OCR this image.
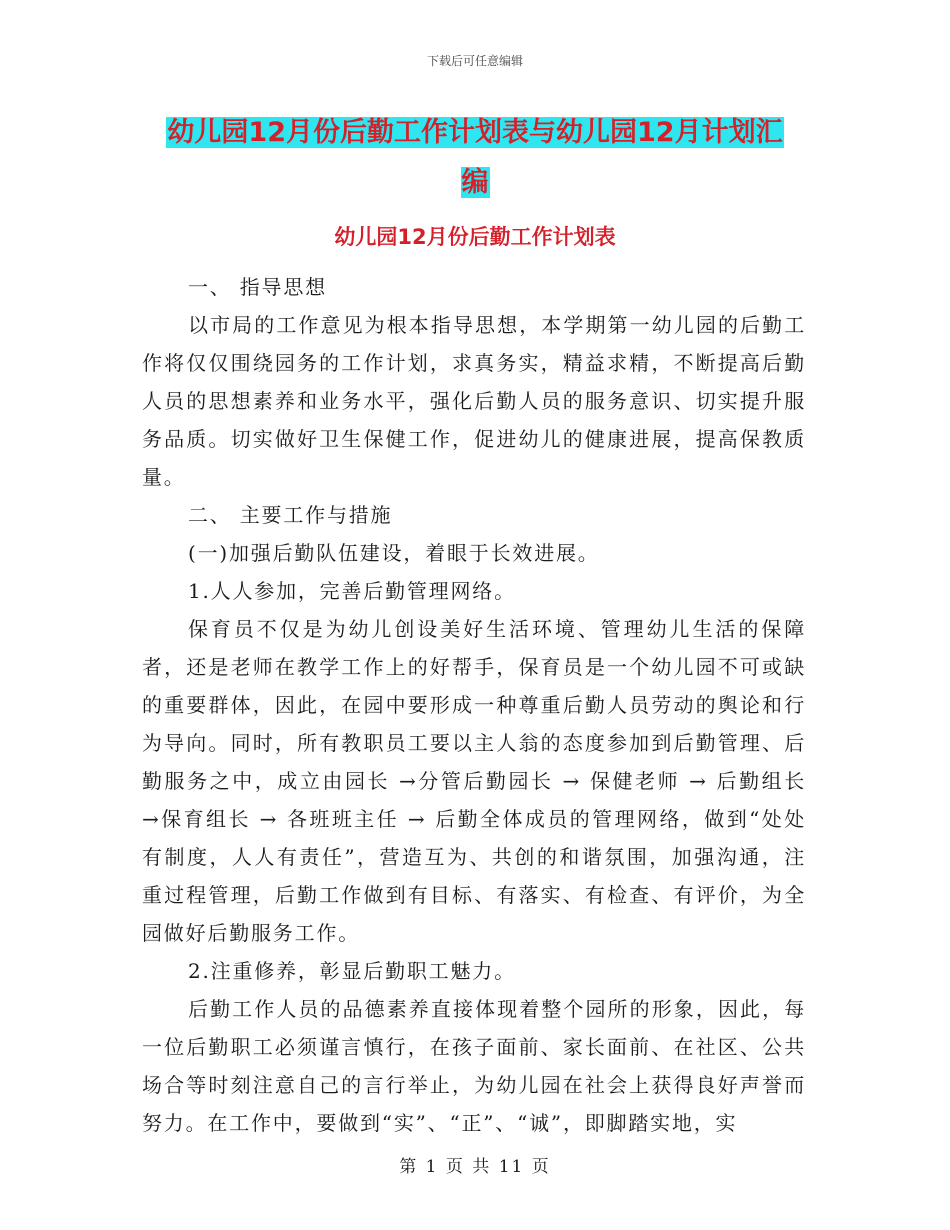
下载后可任意编辑
幼儿园12月份后勤工作计划表与幼儿园12月计划汇
编
幼儿园12月份后勤工作计划表

一、 指导思想

以市局的工作意见为根本指导思想，本学期第一幼儿园的后勤工作将仅仅围绕园务的工作计划，求真务实，精益求精，不断提高后勤人员的思想素养和业务水平，强化后勤人员的服务意识、切实提升服务品质。切实做好卫生保健工作，促进幼儿的健康进展，提高保教质量。

二、 主要工作与措施

(一)加强后勤队伍建设，着眼于长效进展。

1.人人参加，完善后勤管理网络。

保育员不仅是为幼儿创设美好生活环境、管理幼儿生活的保障者，还是老师在教学工作上的好帮手，保育员是一个幼儿园不可或缺的重要群体，因此，在园中要形成一种尊重后勤人员劳动的舆论和行为导向。同时，所有教职员工要以主人翁的态度参加到后勤管理、后勤服务之中，成立由园长 →分管后勤园长 → 保健老师 → 后勤组长 →保育组长 → 各班班主任 → 后勤全体成员的管理网络，做到“处处有制度，人人有责任”，营造互为、共创的和谐氛围，加强沟通，注重过程管理，后勤工作做到有目标、有落实、有检查、有评价，为全园做好后勤服务工作。

2.注重修养，彰显后勤职工魅力。

后勤工作人员的品德素养直接体现着整个园所的形象，因此，每一位后勤职工必须谨言慎行，在孩子面前、家长面前、在社区、公共场合等时刻注意自己的言行举止，为幼儿园在社会上获得良好声誉而努力。在工作中，要做到“实”、“正”、“诚”，即脚踏实地，实

第 1 页 共 11 页
